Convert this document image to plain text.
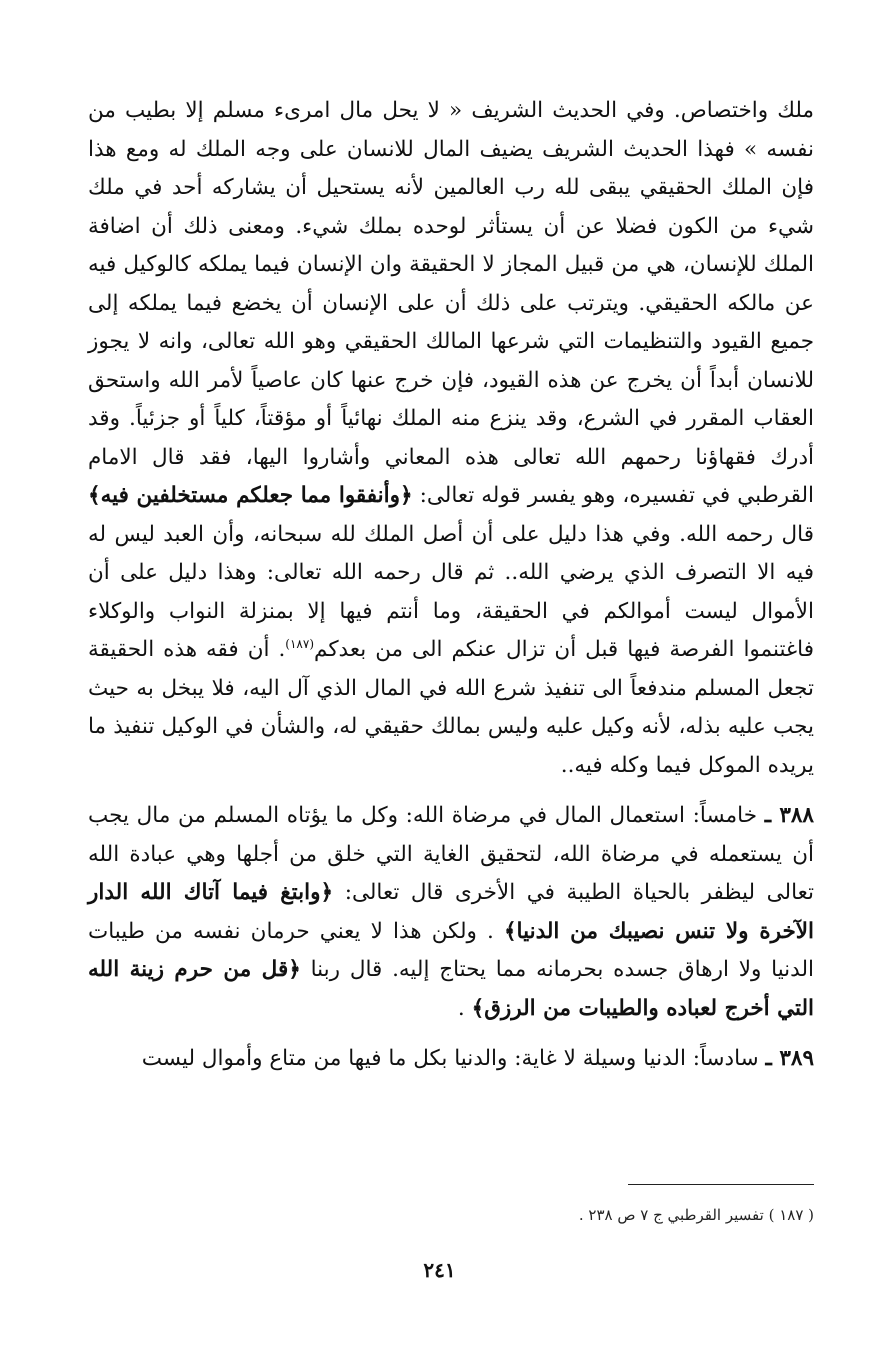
ملك واختصاص. وفي الحديث الشريف « لا يحل مال امرىء مسلم إلا بطيب من نفسه » فهذا الحديث الشريف يضيف المال للانسان على وجه الملك له ومع هذا فإن الملك الحقيقي يبقى لله رب العالمين لأنه يستحيل أن يشاركه أحد في ملك شيء من الكون فضلا عن أن يستأثر لوحده بملك شيء. ومعنى ذلك أن اضافة الملك للإنسان، هي من قبيل المجاز لا الحقيقة وان الإنسان فيما يملكه كالوكيل فيه عن مالكه الحقيقي. ويترتب على ذلك أن على الإنسان أن يخضع فيما يملكه إلى جميع القيود والتنظيمات التي شرعها المالك الحقيقي وهو الله تعالى، وانه لا يجوز للانسان أبداً أن يخرج عن هذه القيود، فإن خرج عنها كان عاصياً لأمر الله واستحق العقاب المقرر في الشرع، وقد ينزع منه الملك نهائياً أو مؤقتاً، كلياً أو جزئياً. وقد أدرك فقهاؤنا رحمهم الله تعالى هذه المعاني وأشاروا اليها، فقد قال الامام القرطبي في تفسيره، وهو يفسر قوله تعالى: ﴿وأنفقوا مما جعلكم مستخلفين فيه﴾ قال رحمه الله. وفي هذا دليل على أن أصل الملك لله سبحانه، وأن العبد ليس له فيه الا التصرف الذي يرضي الله.. ثم قال رحمه الله تعالى: وهذا دليل على أن الأموال ليست أموالكم في الحقيقة، وما أنتم فيها إلا بمنزلة النواب والوكلاء فاغتنموا الفرصة فيها قبل أن تزال عنكم الى من بعدكم$^{(١٨٧)}$. أن فقه هذه الحقيقة تجعل المسلم مندفعاً الى تنفيذ شرع الله في المال الذي آل اليه، فلا يبخل به حيث يجب عليه بذله، لأنه وكيل عليه وليس بمالك حقيقي له، والشأن في الوكيل تنفيذ ما يريده الموكل فيما وكله فيه..

٣٨٨ ـ خامساً: استعمال المال في مرضاة الله: وكل ما يؤتاه المسلم من مال يجب أن يستعمله في مرضاة الله، لتحقيق الغاية التي خلق من أجلها وهي عبادة الله تعالى ليظفر بالحياة الطيبة في الأخرى قال تعالى: ﴿وابتغ فيما آتاك الله الدار الآخرة ولا تنس نصيبك من الدنيا﴾ . ولكن هذا لا يعني حرمان نفسه من طيبات الدنيا ولا ارهاق جسده بحرمانه مما يحتاج إليه. قال ربنا ﴿قل من حرم زينة الله التي أخرج لعباده والطيبات من الرزق﴾ .

٣٨٩ ـ سادساً: الدنيا وسيلة لا غاية: والدنيا بكل ما فيها من متاع وأموال ليست

( ١٨٧ ) تفسير القرطبي ج ٧ ص ٢٣٨ .
٢٤١
